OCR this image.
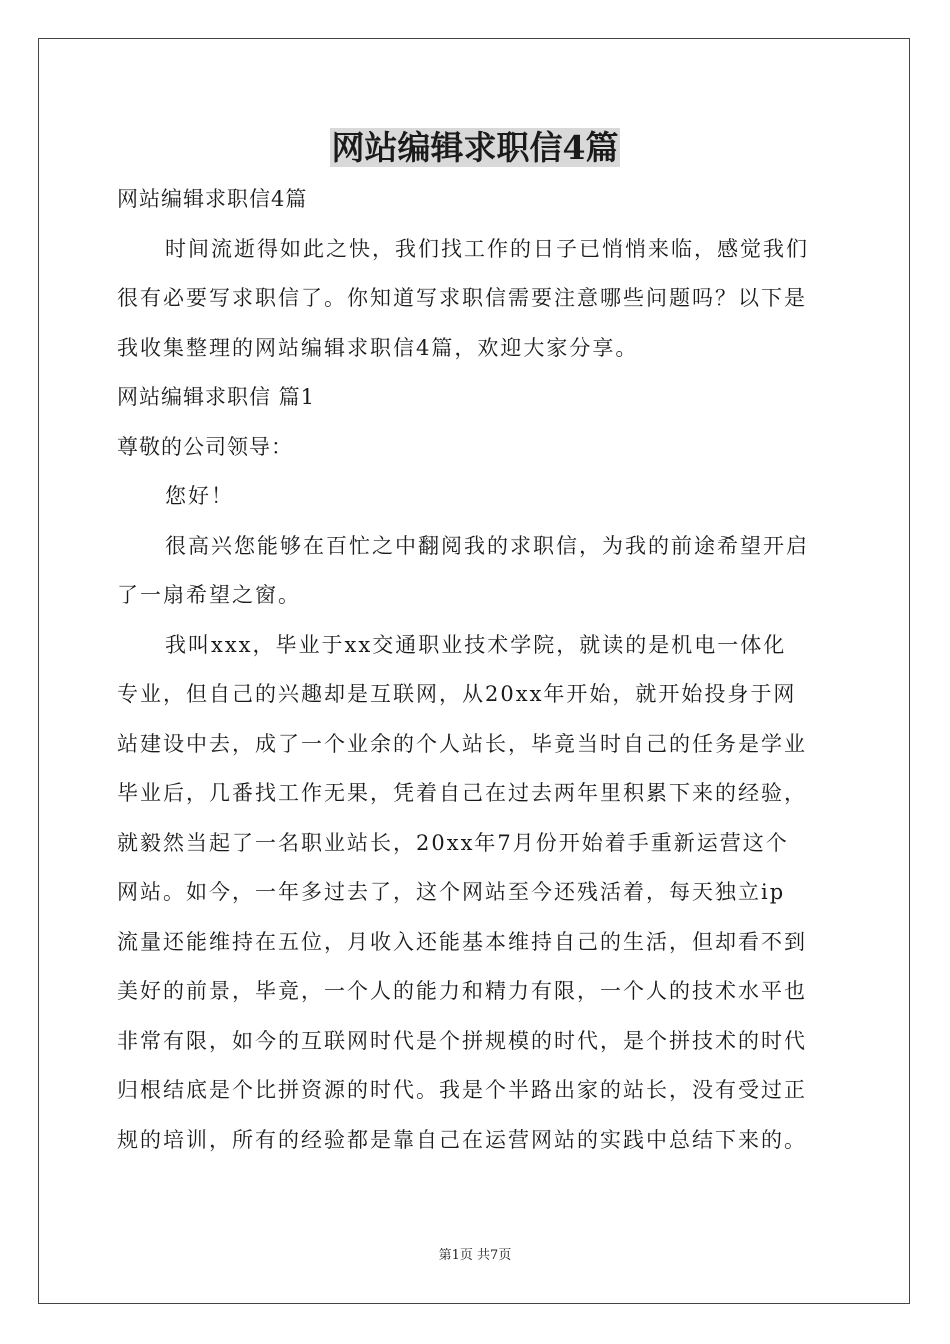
网站编辑求职信4篇
网站编辑求职信4篇
时间流逝得如此之快，我们找工作的日子已悄悄来临，感觉我们
很有必要写求职信了。你知道写求职信需要注意哪些问题吗？以下是
我收集整理的网站编辑求职信4篇，欢迎大家分享。
网站编辑求职信 篇1
尊敬的公司领导：
您好！
很高兴您能够在百忙之中翻阅我的求职信，为我的前途希望开启
了一扇希望之窗。
我叫xxx，毕业于xx交通职业技术学院，就读的是机电一体化
专业，但自己的兴趣却是互联网，从20xx年开始，就开始投身于网
站建设中去，成了一个业余的个人站长，毕竟当时自己的任务是学业
毕业后，几番找工作无果，凭着自己在过去两年里积累下来的经验，
就毅然当起了一名职业站长，20xx年7月份开始着手重新运营这个
网站。如今，一年多过去了，这个网站至今还残活着，每天独立ip
流量还能维持在五位，月收入还能基本维持自己的生活，但却看不到
美好的前景，毕竟，一个人的能力和精力有限，一个人的技术水平也
非常有限，如今的互联网时代是个拼规模的时代，是个拼技术的时代
归根结底是个比拼资源的时代。我是个半路出家的站长，没有受过正
规的培训，所有的经验都是靠自己在运营网站的实践中总结下来的。
第1页 共7页
